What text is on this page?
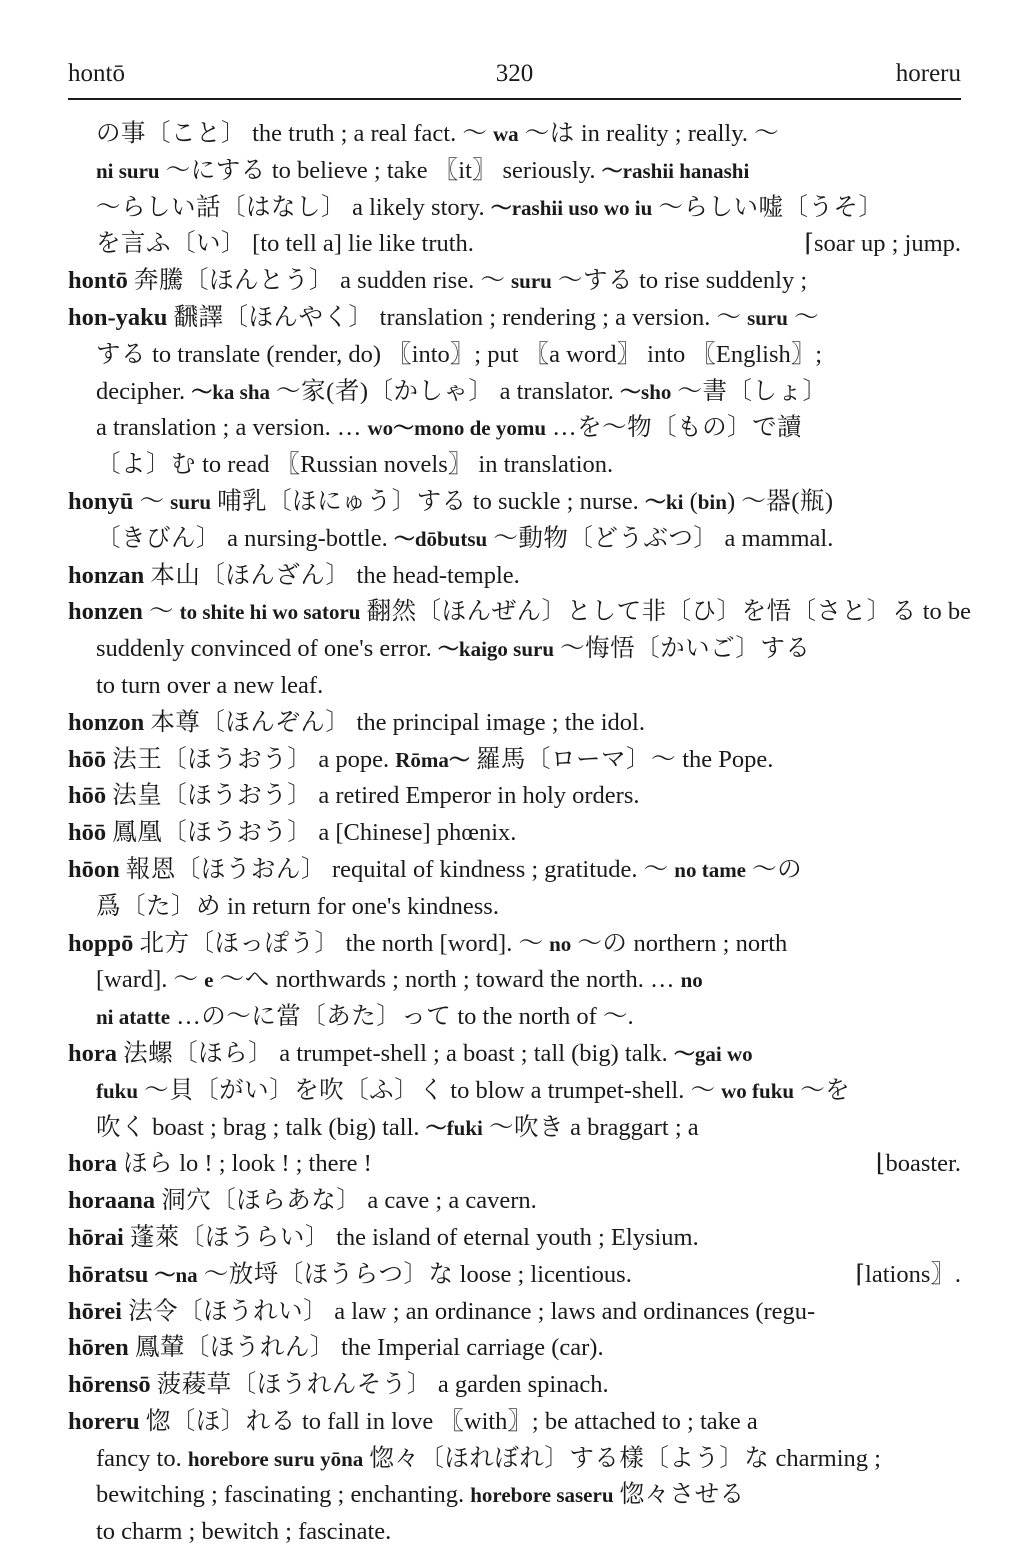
hontō	320	horeru
の事〔こと〕 the truth ; a real fact. ～ wa ～は in reality ; really. ～
ni suru ～にする to believe ; take 〖it〗 seriously. ～rashii hanashi
～らしい話〔はなし〕 a likely story. ～rashii uso wo iu ～らしい嘘〔うそ〕
を言ふ〔い〕 [to tell a] lie like truth.	⌈soar up ; jump.
hontō 奔騰〔ほんとう〕 a sudden rise. ～ suru ～する to rise suddenly ;
hon-yaku 飜譯〔ほんやく〕 translation ; rendering ; a version. ～ suru ～
する to translate (render, do) 〖into〗; put 〖a word〗 into 〖English〗;
decipher. ～ka sha ～家(者)〔かしゃ〕 a translator. ～sho ～書〔しょ〕
a translation ; a version. … wo～mono de yomu …を～物〔もの〕で讀
〔よ〕む to read 〖Russian novels〗 in translation.
honyū ～ suru 哺乳〔ほにゅう〕する to suckle ; nurse. ～ki (bin) ～器(瓶)
〔きびん〕 a nursing-bottle. ～dōbutsu ～動物〔どうぶつ〕 a mammal.
honzan 本山〔ほんざん〕 the head-temple.
honzen ～ to shite hi wo satoru 翻然〔ほんぜん〕として非〔ひ〕を悟〔さと〕る to be
suddenly convinced of one's error. ～kaigo suru ～悔悟〔かいご〕する
to turn over a new leaf.
honzon 本尊〔ほんぞん〕 the principal image ; the idol.
hōō 法王〔ほうおう〕 a pope. Rōma～ 羅馬〔ローマ〕～ the Pope.
hōō 法皇〔ほうおう〕 a retired Emperor in holy orders.
hōō 鳳凰〔ほうおう〕 a [Chinese] phœnix.
hōon 報恩〔ほうおん〕 requital of kindness ; gratitude. ～ no tame ～の
爲〔た〕め in return for one's kindness.
hoppō 北方〔ほっぽう〕 the north [word]. ～ no ～の northern ; north
[ward]. ～ e ～へ northwards ; north ; toward the north. … no
ni atatte …の～に當〔あた〕って to the north of ～.
hora 法螺〔ほら〕 a trumpet-shell ; a boast ; tall (big) talk. ～gai wo
fuku ～貝〔がい〕を吹〔ふ〕く to blow a trumpet-shell. ～ wo fuku ～を
吹く boast ; brag ; talk (big) tall. ～fuki ～吹き a braggart ; a
hora ほら lo ! ; look ! ; there !	⌊boaster.
horaana 洞穴〔ほらあな〕 a cave ; a cavern.
hōrai 蓬萊〔ほうらい〕 the island of eternal youth ; Elysium.
hōratsu ～na ～放埒〔ほうらつ〕な loose ; licentious.	⌈lations〗.
hōrei 法令〔ほうれい〕 a law ; an ordinance ; laws and ordinances (regu-
hōren 鳳輦〔ほうれん〕 the Imperial carriage (car).
hōrensō 菠薐草〔ほうれんそう〕 a garden spinach.
horeru 惚〔ほ〕れる to fall in love 〖with〗; be attached to ; take a
fancy to. horebore suru yōna 惚々〔ほれぼれ〕する樣〔よう〕な charming ;
bewitching ; fascinating ; enchanting. horebore saseru 惚々させる
to charm ; bewitch ; fascinate.
